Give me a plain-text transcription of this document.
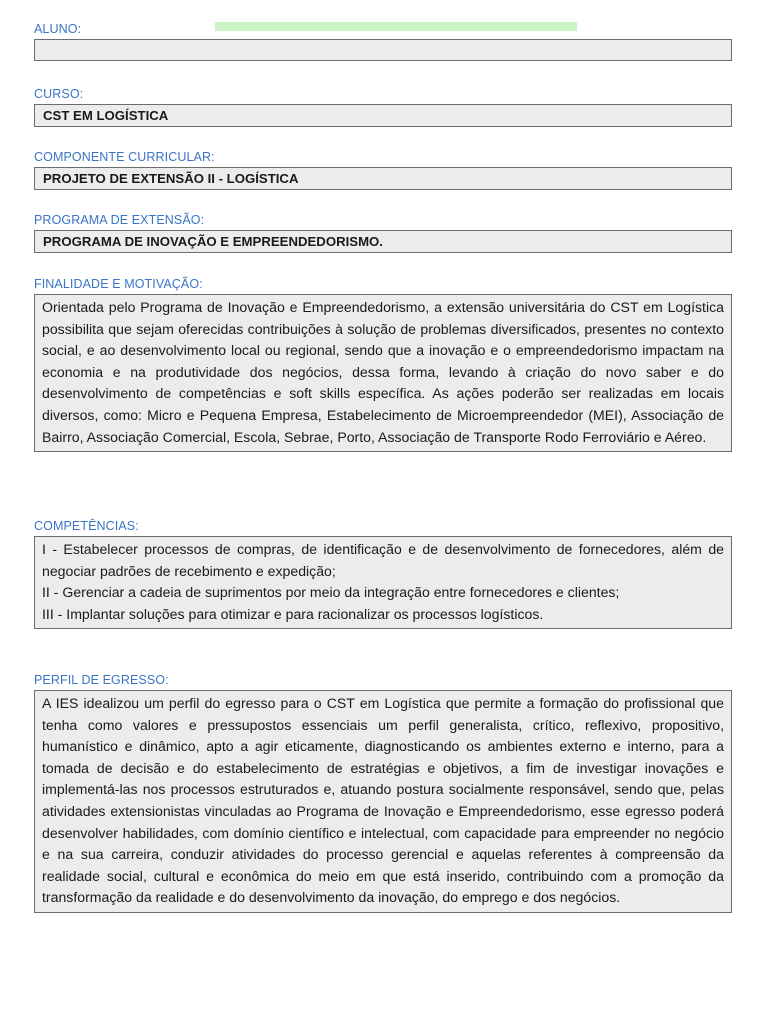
ALUNO:
CURSO:
CST EM LOGÍSTICA
COMPONENTE CURRICULAR:
PROJETO DE EXTENSÃO II - LOGÍSTICA
PROGRAMA DE EXTENSÃO:
PROGRAMA DE INOVAÇÃO E EMPREENDEDORISMO.
FINALIDADE E MOTIVAÇÃO:
Orientada pelo Programa de Inovação e Empreendedorismo, a extensão universitária do CST em Logística possibilita que sejam oferecidas contribuições à solução de problemas diversificados, presentes no contexto social, e ao desenvolvimento local ou regional, sendo que a inovação e o empreendedorismo impactam na economia e na produtividade dos negócios, dessa forma, levando à criação do novo saber e do desenvolvimento de competências e soft skills específica. As ações poderão ser realizadas em locais diversos, como: Micro e Pequena Empresa, Estabelecimento de Microempreendedor (MEI), Associação de Bairro, Associação Comercial, Escola, Sebrae, Porto, Associação de Transporte Rodo Ferroviário e Aéreo.
COMPETÊNCIAS:
I - Estabelecer processos de compras, de identificação e de desenvolvimento de fornecedores, além de negociar padrões de recebimento e expedição;
II - Gerenciar a cadeia de suprimentos por meio da integração entre fornecedores e clientes;
III - Implantar soluções para otimizar e para racionalizar os processos logísticos.
PERFIL DE EGRESSO:
A IES idealizou um perfil do egresso para o CST em Logística que permite a formação do profissional que tenha como valores e pressupostos essenciais um perfil generalista, crítico, reflexivo, propositivo, humanístico e dinâmico, apto a agir eticamente, diagnosticando os ambientes externo e interno, para a tomada de decisão e do estabelecimento de estratégias e objetivos, a fim de investigar inovações e implementá-las nos processos estruturados e, atuando postura socialmente responsável, sendo que, pelas atividades extensionistas vinculadas ao Programa de Inovação e Empreendedorismo, esse egresso poderá desenvolver habilidades, com domínio científico e intelectual, com capacidade para empreender no negócio e na sua carreira, conduzir atividades do processo gerencial e aquelas referentes à compreensão da realidade social, cultural e econômica do meio em que está inserido, contribuindo com a promoção da transformação da realidade e do desenvolvimento da inovação, do emprego e dos negócios.
